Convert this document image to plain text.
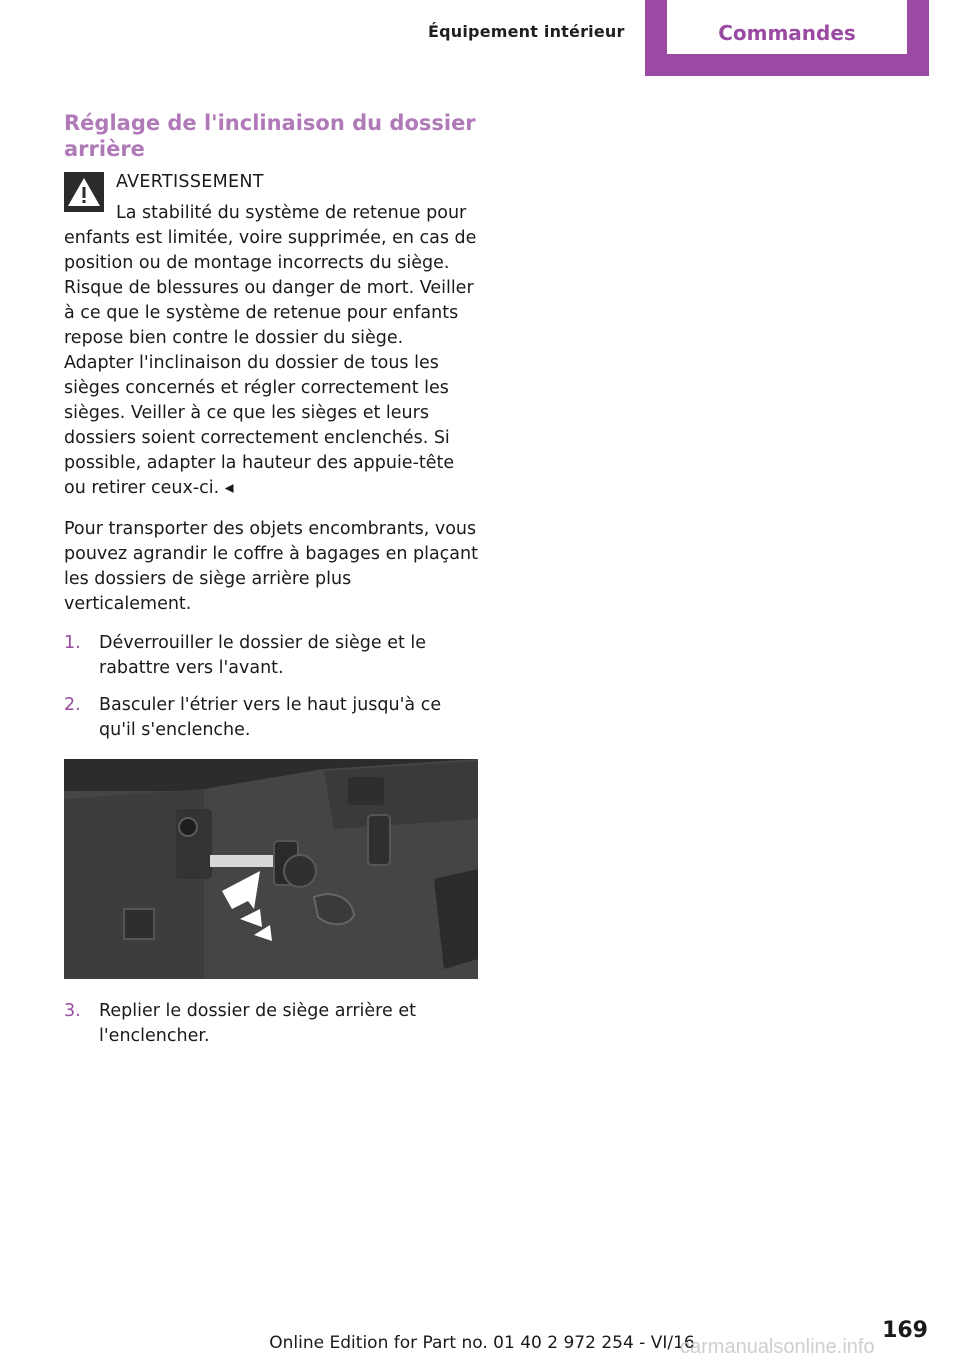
Équipement intérieur	Commandes
Réglage de l'inclinaison du dossier arrière
AVERTISSEMENT
La stabilité du système de retenue pour
enfants est limitée, voire supprimée, en cas de position ou de montage incorrects du siège. Risque de blessures ou danger de mort. Veiller à ce que le système de retenue pour enfants repose bien contre le dossier du siège. Adapter l'inclinaison du dossier de tous les sièges concernés et régler correctement les sièges. Veiller à ce que les sièges et leurs dossiers soient correctement enclenchés. Si possible, adapter la hauteur des appuie-tête ou retirer ceux-ci. ◂
Pour transporter des objets encombrants, vous pouvez agrandir le coffre à bagages en plaçant les dossiers de siège arrière plus verticalement.
1. Déverrouiller le dossier de siège et le rabattre vers l'avant.
2. Basculer l'étrier vers le haut jusqu'à ce qu'il s'enclenche.
3. Replier le dossier de siège arrière et l'enclencher.
169
Online Edition for Part no. 01 40 2 972 254 - VI/16
carmanualsonline.info
